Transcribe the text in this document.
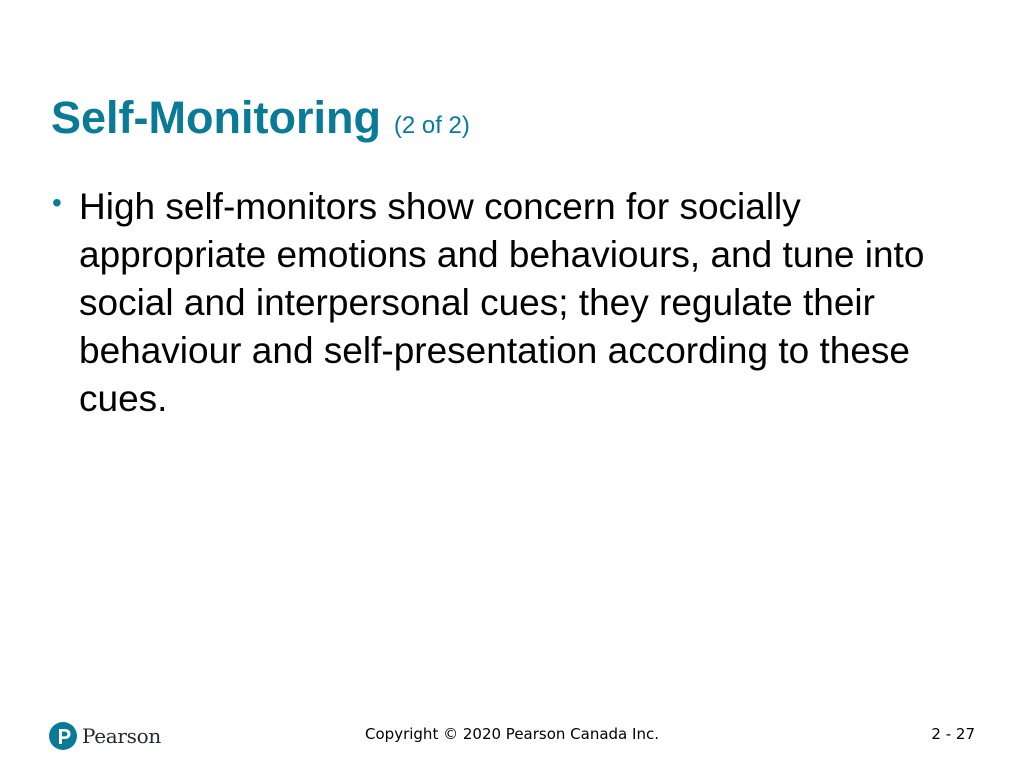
Self-Monitoring (2 of 2)
• High self-monitors show concern for socially appropriate emotions and behaviours, and tune into social and interpersonal cues; they regulate their behaviour and self-presentation according to these cues.
Pearson	Copyright © 2020 Pearson Canada Inc.	2 - 27
